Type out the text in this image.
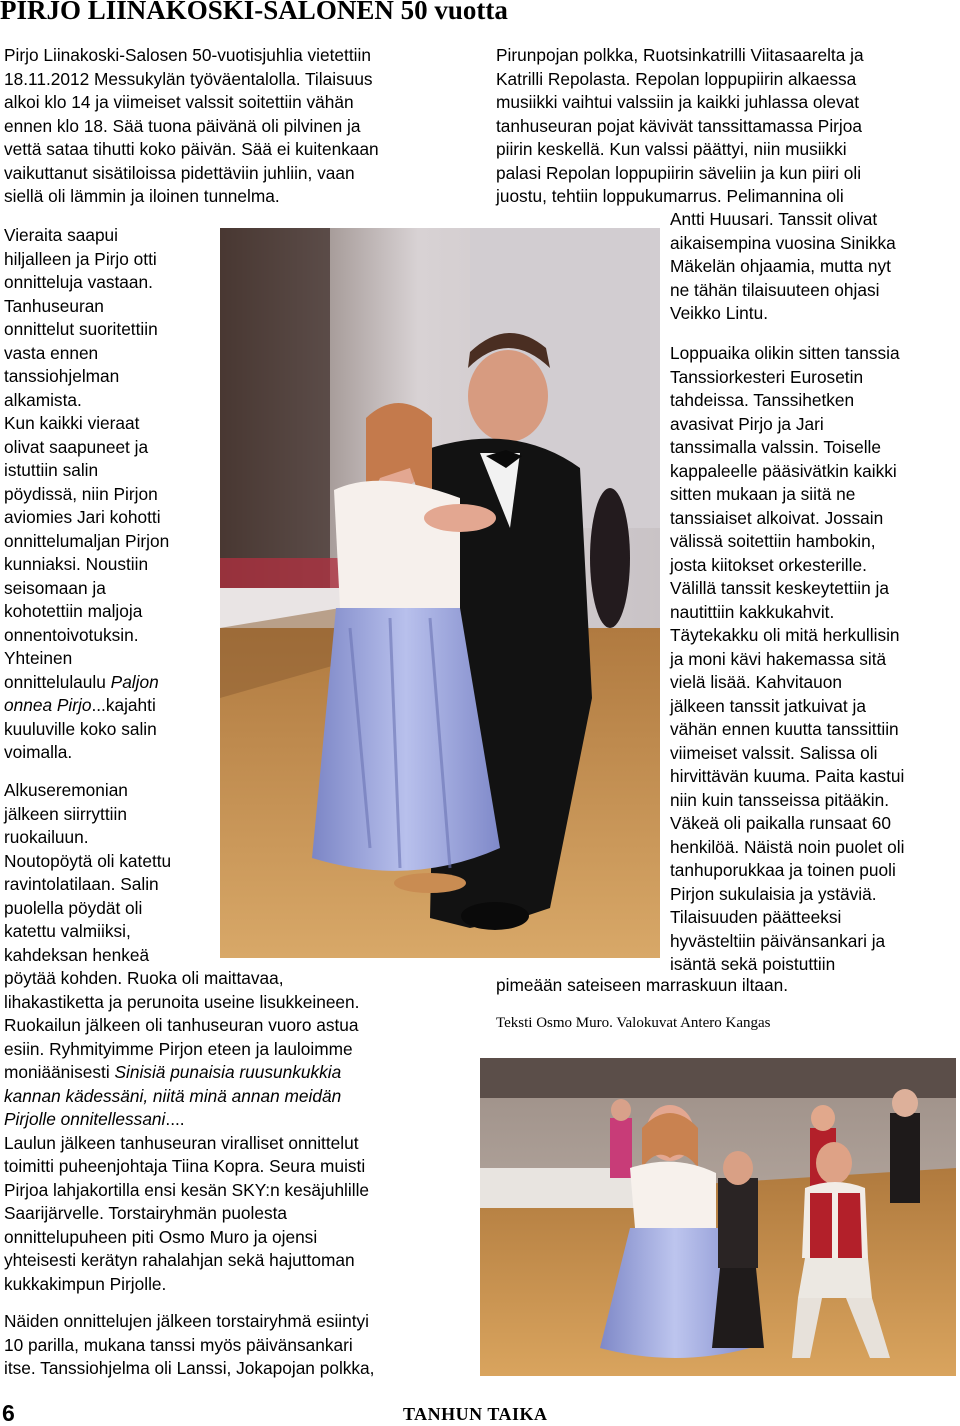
PIRJO LIINAKOSKI-SALONEN 50 vuotta
Pirjo Liinakoski-Salosen 50-vuotisjuhlia vietettiin
18.11.2012 Messukylän työväentalolla. Tilaisuus
alkoi klo 14 ja viimeiset valssit soitettiin vähän
ennen klo 18. Sää tuona päivänä oli pilvinen ja
vettä sataa tihutti koko päivän. Sää ei kuitenkaan
vaikuttanut sisätiloissa pidettäviin juhliin, vaan
siellä oli lämmin ja iloinen tunnelma.
Vieraita saapui
hiljalleen ja Pirjo otti
onnitteluja vastaan.
Tanhuseuran
onnittelut suoritettiin
vasta ennen
tanssiohjelman
alkamista.
Kun kaikki vieraat
olivat saapuneet ja
istuttiin salin
pöydissä, niin Pirjon
aviomies Jari kohotti
onnittelumaljan Pirjon
kunniaksi. Noustiin
seisomaan ja
kohotettiin maljoja
onnentoivotuksin.
Yhteinen
onnittelulaulu Paljon
onnea Pirjo...kajahti
kuuluville koko salin
voimalla.
Alkuseremonian
jälkeen siirryttiin
ruokailuun.
Noutopöytä oli katettu
ravintolatilaan. Salin
puolella pöydät oli
katettu valmiiksi,
kahdeksan henkeä
pöytää kohden. Ruoka oli maittavaa,
lihakastiketta ja perunoita useine lisukkeineen.
Ruokailun jälkeen oli tanhuseuran vuoro astua
esiin. Ryhmityimme Pirjon eteen ja lauloimme
moniäänisesti Sinisiä punaisia ruusunkukkia
kannan kädessäni, niitä minä annan meidän
Pirjolle onnitellessani....
Laulun jälkeen tanhuseuran viralliset onnittelut
toimitti puheenjohtaja Tiina Kopra. Seura muisti
Pirjoa lahjakortilla ensi kesän SKY:n kesäjuhlille
Saarijärvelle. Torstairyhmän puolesta
onnittelupuheen piti Osmo Muro ja ojensi
yhteisesti kerätyn rahalahjan sekä hajuttoman
kukkakimpun Pirjolle.
Näiden onnittelujen jälkeen torstairyhmä esiintyi
10 parilla, mukana tanssi myös päivänsankari
itse. Tanssiohjelma oli Lanssi, Jokapojan polkka,
Pirunpojan polkka, Ruotsinkatrilli Viitasaarelta ja
Katrilli Repolasta. Repolan loppupiirin alkaessa
musiikki vaihtui valssiin ja kaikki juhlassa olevat
tanhuseuran pojat kävivät tanssittamassa Pirjoa
piirin keskellä. Kun valssi päättyi, niin musiikki
palasi Repolan loppupiirin säveliin ja kun piiri oli
juostu, tehtiin loppukumarrus. Pelimannina oli
Antti Huusari. Tanssit olivat
aikaisempina vuosina Sinikka
Mäkelän ohjaamia, mutta nyt
ne tähän tilaisuuteen ohjasi
Veikko Lintu.
Loppuaika olikin sitten tanssia
Tanssiorkesteri Eurosetin
tahdeissa. Tanssihetken
avasivat Pirjo ja Jari
tanssimalla valssin. Toiselle
kappaleelle pääsivätkin kaikki
sitten mukaan ja siitä ne
tanssiaiset alkoivat. Jossain
välissä soitettiin hambokin,
josta kiitokset orkesterille.
Välillä tanssit keskeytettiin ja
nautittiin kakkukahvit.
Täytekakku oli mitä herkullisin
ja moni kävi hakemassa sitä
vielä lisää. Kahvitauon
jälkeen tanssit jatkuivat ja
vähän ennen kuutta tanssittiin
viimeiset valssit. Salissa oli
hirvittävän kuuma. Paita kastui
niin kuin tansseissa pitääkin.
Väkeä oli paikalla runsaat 60
henkilöä. Näistä noin puolet oli
tanhuporukkaa ja toinen puoli
Pirjon sukulaisia ja ystäviä.
Tilaisuuden päätteeksi
hyvästeltiin päivänsankari ja
isäntä sekä poistuttiin
pimeään sateiseen marraskuun iltaan.

Teksti Osmo Muro. Valokuvat Antero Kangas

6	TANHUN TAIKA
